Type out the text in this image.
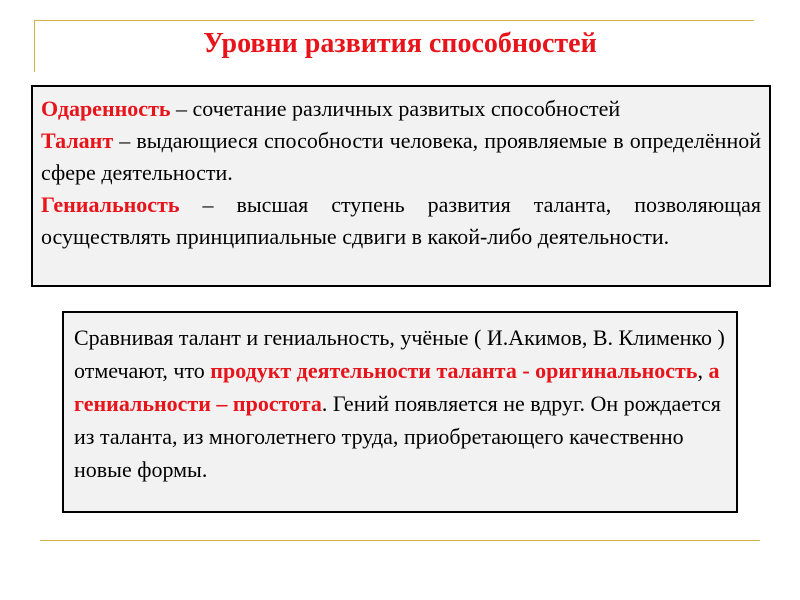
Уровни развития способностей

Одаренность – сочетание различных развитых способностей

Талант – выдающиеся способности человека, проявляемые в определённой сфере деятельности.

Гениальность – высшая ступень развития таланта, позволяющая осуществлять принципиальные сдвиги в какой-либо деятельности.

Сравнивая талант и гениальность, учёные ( И.Акимов, В. Клименко ) отмечают, что продукт деятельности таланта - оригинальность, а гениальности – простота. Гений появляется не вдруг. Он рождается из таланта, из многолетнего труда, приобретающего качественно новые формы.
